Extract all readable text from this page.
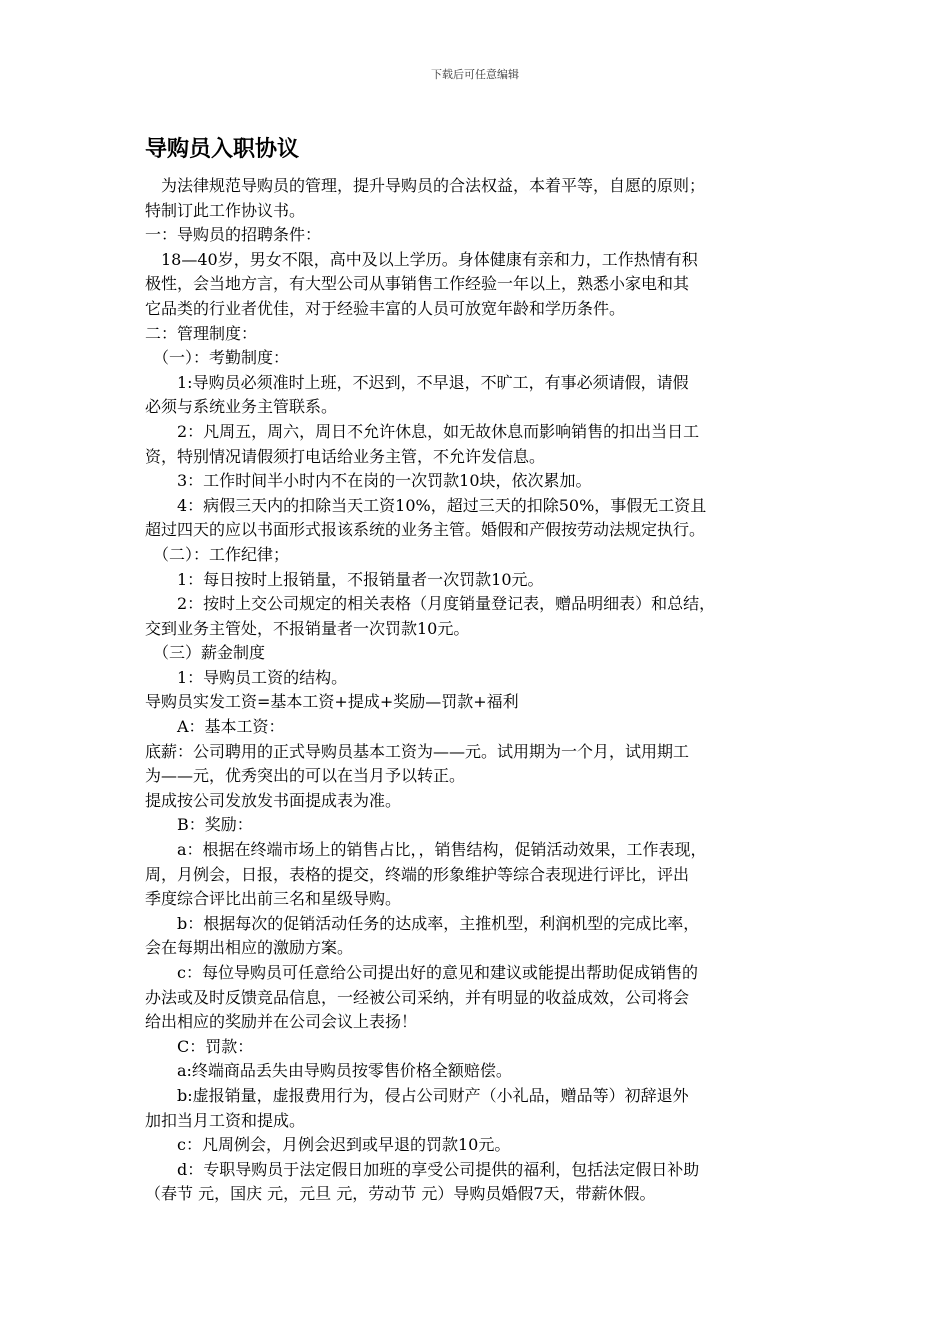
下载后可任意编辑
导购员入职协议

为法律规范导购员的管理，提升导购员的合法权益，本着平等，自愿的原则；

特制订此工作协议书。

一：导购员的招聘条件：

18—40岁，男女不限，高中及以上学历。身体健康有亲和力，工作热情有积

极性，会当地方言，有大型公司从事销售工作经验一年以上，熟悉小家电和其

它品类的行业者优佳，对于经验丰富的人员可放宽年龄和学历条件。

二：管理制度：

（一）：考勤制度：

1:导购员必须准时上班，不迟到，不早退，不旷工，有事必须请假，请假

必须与系统业务主管联系。

2：凡周五，周六，周日不允许休息，如无故休息而影响销售的扣出当日工

资，特别情况请假须打电话给业务主管，不允许发信息。

3：工作时间半小时内不在岗的一次罚款10块，依次累加。

4：病假三天内的扣除当天工资10%，超过三天的扣除50%，事假无工资且

超过四天的应以书面形式报该系统的业务主管。婚假和产假按劳动法规定执行。

（二）：工作纪律；

1：每日按时上报销量，不报销量者一次罚款10元。

2：按时上交公司规定的相关表格（月度销量登记表，赠品明细表）和总结，

交到业务主管处，不报销量者一次罚款10元。

（三）薪金制度

1：导购员工资的结构。

导购员实发工资=基本工资+提成+奖励—罚款+福利

A：基本工资：

底薪：公司聘用的正式导购员基本工资为——元。试用期为一个月，试用期工

为——元，优秀突出的可以在当月予以转正。

提成按公司发放发书面提成表为准。

B：奖励：

a：根据在终端市场上的销售占比，，销售结构，促销活动效果，工作表现，

周，月例会，日报，表格的提交，终端的形象维护等综合表现进行评比，评出

季度综合评比出前三名和星级导购。

b：根据每次的促销活动任务的达成率，主推机型，利润机型的完成比率，

会在每期出相应的激励方案。

c：每位导购员可任意给公司提出好的意见和建议或能提出帮助促成销售的

办法或及时反馈竞品信息，一经被公司采纳，并有明显的收益成效，公司将会

给出相应的奖励并在公司会议上表扬！

C：罚款：

a:终端商品丢失由导购员按零售价格全额赔偿。

b:虚报销量，虚报费用行为，侵占公司财产（小礼品，赠品等）初辞退外

加扣当月工资和提成。

c：凡周例会，月例会迟到或早退的罚款10元。

d：专职导购员于法定假日加班的享受公司提供的福利，包括法定假日补助

（春节 元，国庆 元，元旦 元，劳动节 元）导购员婚假7天，带薪休假。
